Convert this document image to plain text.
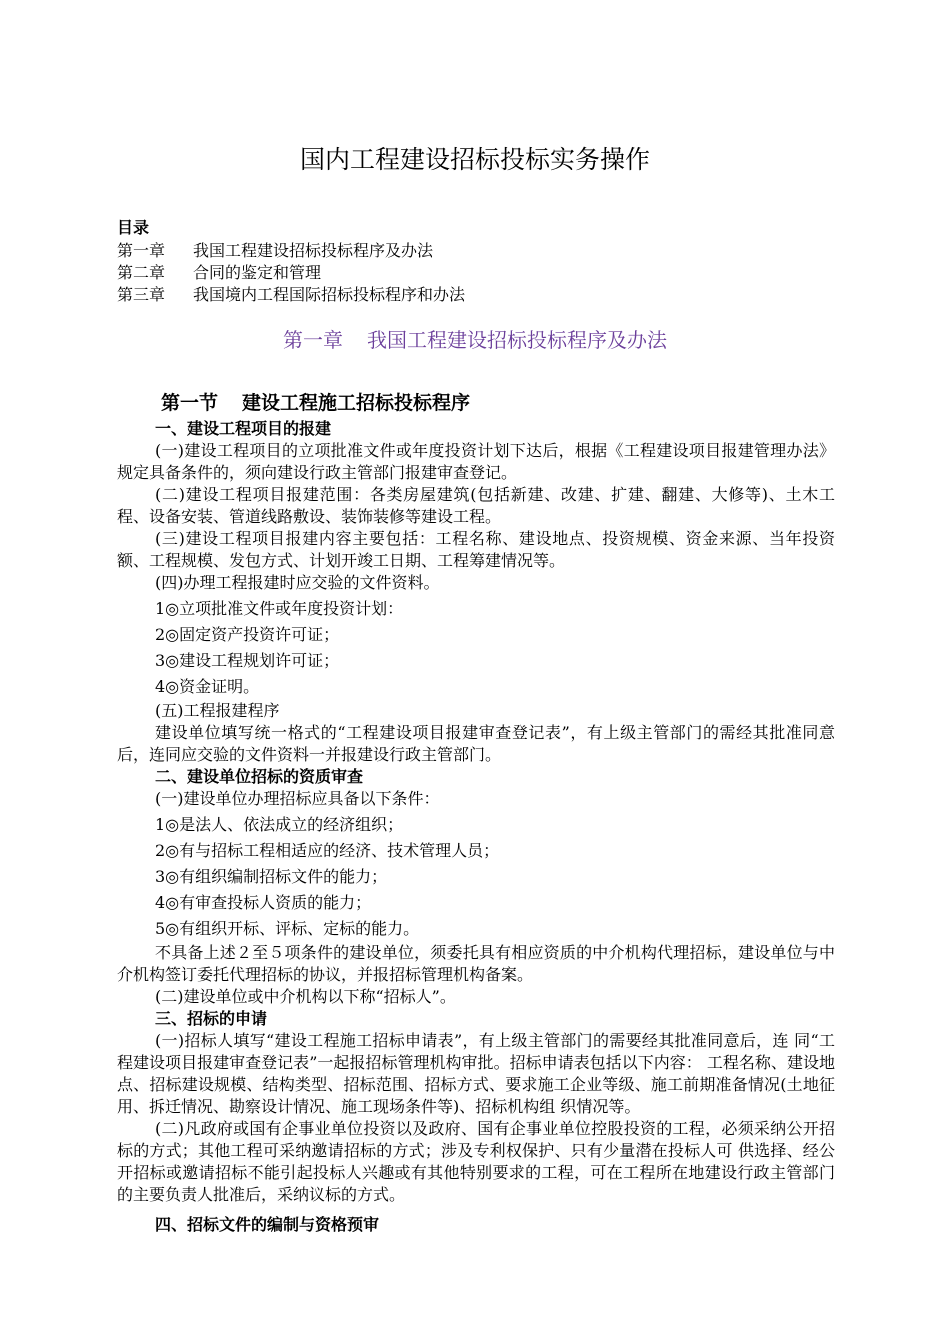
国内工程建设招标投标实务操作
目录
第一章 我国工程建设招标投标程序及办法
第二章 合同的鉴定和管理
第三章 我国境内工程国际招标投标程序和办法
第一章 我国工程建设招标投标程序及办法
第一节 建设工程施工招标投标程序
一、建设工程项目的报建
(一)建设工程项目的立项批准文件或年度投资计划下达后，根据《工程建设项目报建管理办法》规定具备条件的，须向建设行政主管部门报建审查登记。
(二)建设工程项目报建范围：各类房屋建筑(包括新建、改建、扩建、翻建、大修等)、土木工程、设备安装、管道线路敷设、装饰装修等建设工程。
(三)建设工程项目报建内容主要包括：工程名称、建设地点、投资规模、资金来源、当年投资额、工程规模、发包方式、计划开竣工日期、工程筹建情况等。
(四)办理工程报建时应交验的文件资料。
1◎立项批准文件或年度投资计划：
2◎固定资产投资许可证；
3◎建设工程规划许可证；
4◎资金证明。
(五)工程报建程序
建设单位填写统一格式的“工程建设项目报建审查登记表”，有上级主管部门的需经其批准同意后，连同应交验的文件资料一并报建设行政主管部门。
二、建设单位招标的资质审查
(一)建设单位办理招标应具备以下条件：
1◎是法人、依法成立的经济组织；
2◎有与招标工程相适应的经济、技术管理人员；
3◎有组织编制招标文件的能力；
4◎有审查投标人资质的能力；
5◎有组织开标、评标、定标的能力。
不具备上述２至５项条件的建设单位，须委托具有相应资质的中介机构代理招标，建设单位与中介机构签订委托代理招标的协议，并报招标管理机构备案。
(二)建设单位或中介机构以下称“招标人”。
三、招标的申请
(一)招标人填写“建设工程施工招标申请表”，有上级主管部门的需要经其批准同意后，连 同“工程建设项目报建审查登记表”一起报招标管理机构审批。招标申请表包括以下内容： 工程名称、建设地点、招标建设规模、结构类型、招标范围、招标方式、要求施工企业等级、施工前期准备情况(土地征用、拆迁情况、勘察设计情况、施工现场条件等)、招标机构组 织情况等。
(二)凡政府或国有企事业单位投资以及政府、国有企事业单位控股投资的工程，必须采纳公开招标的方式；其他工程可采纳邀请招标的方式；涉及专利权保护、只有少量潜在投标人可 供选择、经公开招标或邀请招标不能引起投标人兴趣或有其他特别要求的工程，可在工程所在地建设行政主管部门的主要负责人批准后，采纳议标的方式。
四、招标文件的编制与资格预审
